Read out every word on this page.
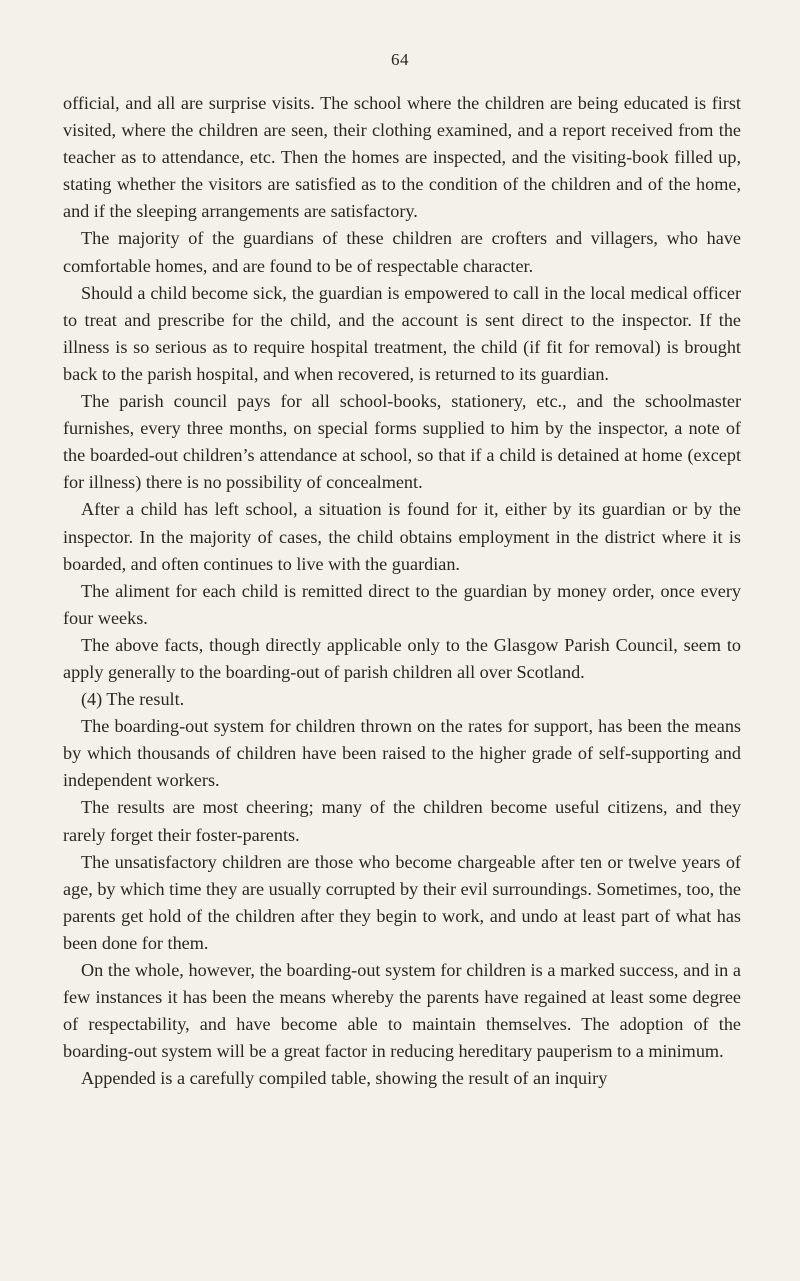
64

official, and all are surprise visits. The school where the children are being educated is first visited, where the children are seen, their clothing examined, and a report received from the teacher as to attendance, etc. Then the homes are inspected, and the visiting-book filled up, stating whether the visitors are satisfied as to the condition of the children and of the home, and if the sleeping arrangements are satisfactory.

The majority of the guardians of these children are crofters and villagers, who have comfortable homes, and are found to be of respectable character.

Should a child become sick, the guardian is empowered to call in the local medical officer to treat and prescribe for the child, and the account is sent direct to the inspector. If the illness is so serious as to require hospital treatment, the child (if fit for removal) is brought back to the parish hospital, and when recovered, is returned to its guardian.

The parish council pays for all school-books, stationery, etc., and the schoolmaster furnishes, every three months, on special forms supplied to him by the inspector, a note of the boarded-out children’s attendance at school, so that if a child is detained at home (except for illness) there is no possibility of concealment.

After a child has left school, a situation is found for it, either by its guardian or by the inspector. In the majority of cases, the child obtains employment in the district where it is boarded, and often continues to live with the guardian.

The aliment for each child is remitted direct to the guardian by money order, once every four weeks.

The above facts, though directly applicable only to the Glasgow Parish Council, seem to apply generally to the boarding-out of parish children all over Scotland.

(4) The result.

The boarding-out system for children thrown on the rates for support, has been the means by which thousands of children have been raised to the higher grade of self-supporting and independent workers.

The results are most cheering; many of the children become useful citizens, and they rarely forget their foster-parents.

The unsatisfactory children are those who become chargeable after ten or twelve years of age, by which time they are usually corrupted by their evil surroundings. Sometimes, too, the parents get hold of the children after they begin to work, and undo at least part of what has been done for them.

On the whole, however, the boarding-out system for children is a marked success, and in a few instances it has been the means whereby the parents have regained at least some degree of respectability, and have become able to maintain themselves. The adoption of the boarding-out system will be a great factor in reducing hereditary pauperism to a minimum.

Appended is a carefully compiled table, showing the result of an inquiry
